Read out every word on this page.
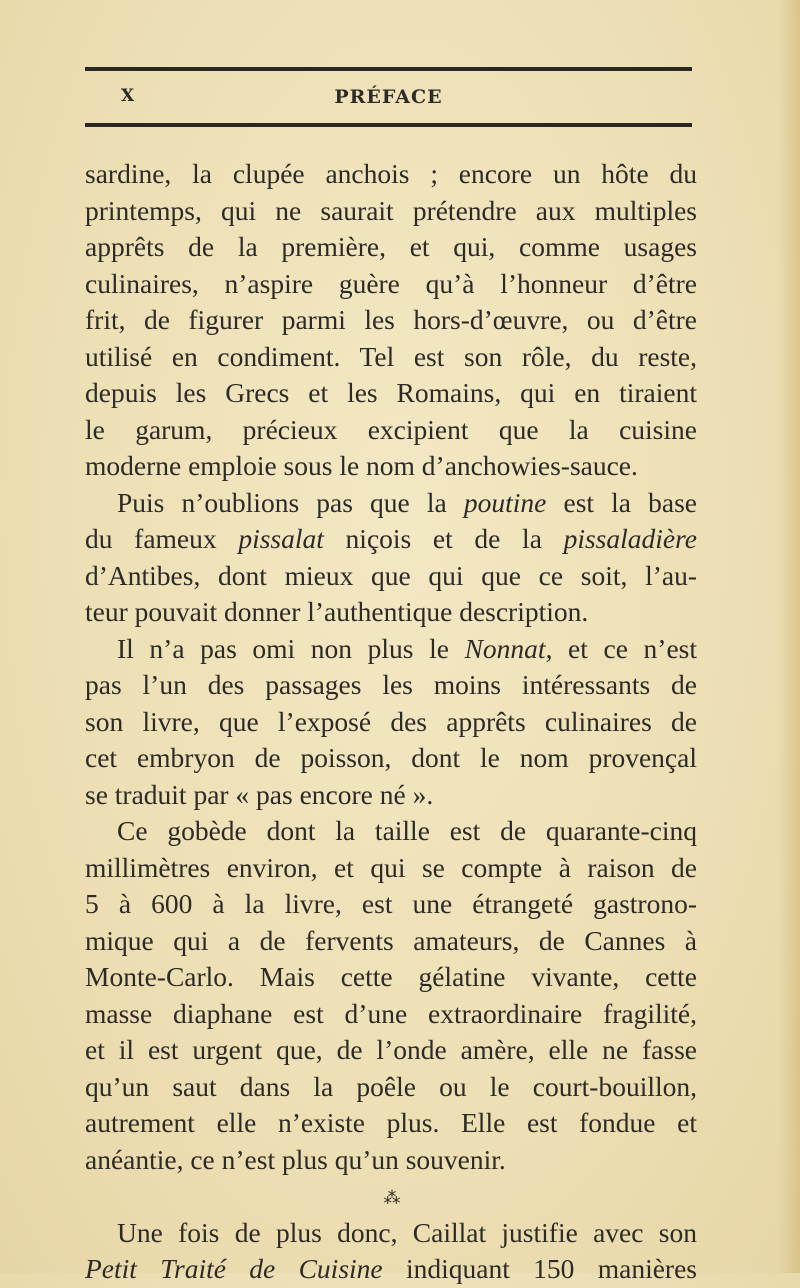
X	PRÉFACE
sardine, la clupée anchois ; encore un hôte du
printemps, qui ne saurait prétendre aux multiples
apprêts de la première, et qui, comme usages
culinaires, n’aspire guère qu’à l’honneur d’être
frit, de figurer parmi les hors-d’œuvre, ou d’être
utilisé en condiment. Tel est son rôle, du reste,
depuis les Grecs et les Romains, qui en tiraient
le garum, précieux excipient que la cuisine
moderne emploie sous le nom d’anchowies-sauce.
Puis n’oublions pas que la poutine est la base
du fameux pissalat niçois et de la pissaladière
d’Antibes, dont mieux que qui que ce soit, l’au-
teur pouvait donner l’authentique description.
Il n’a pas omi non plus le Nonnat, et ce n’est
pas l’un des passages les moins intéressants de
son livre, que l’exposé des apprêts culinaires de
cet embryon de poisson, dont le nom provençal
se traduit par « pas encore né ».
Ce gobède dont la taille est de quarante-cinq
millimètres environ, et qui se compte à raison de
5 à 600 à la livre, est une étrangeté gastrono-
mique qui a de fervents amateurs, de Cannes à
Monte-Carlo. Mais cette gélatine vivante, cette
masse diaphane est d’une extraordinaire fragilité,
et il est urgent que, de l’onde amère, elle ne fasse
qu’un saut dans la poêle ou le court-bouillon,
autrement elle n’existe plus. Elle est fondue et
anéantie, ce n’est plus qu’un souvenir.
⁂
Une fois de plus donc, Caillat justifie avec son
Petit Traité de Cuisine indiquant 150 manières
